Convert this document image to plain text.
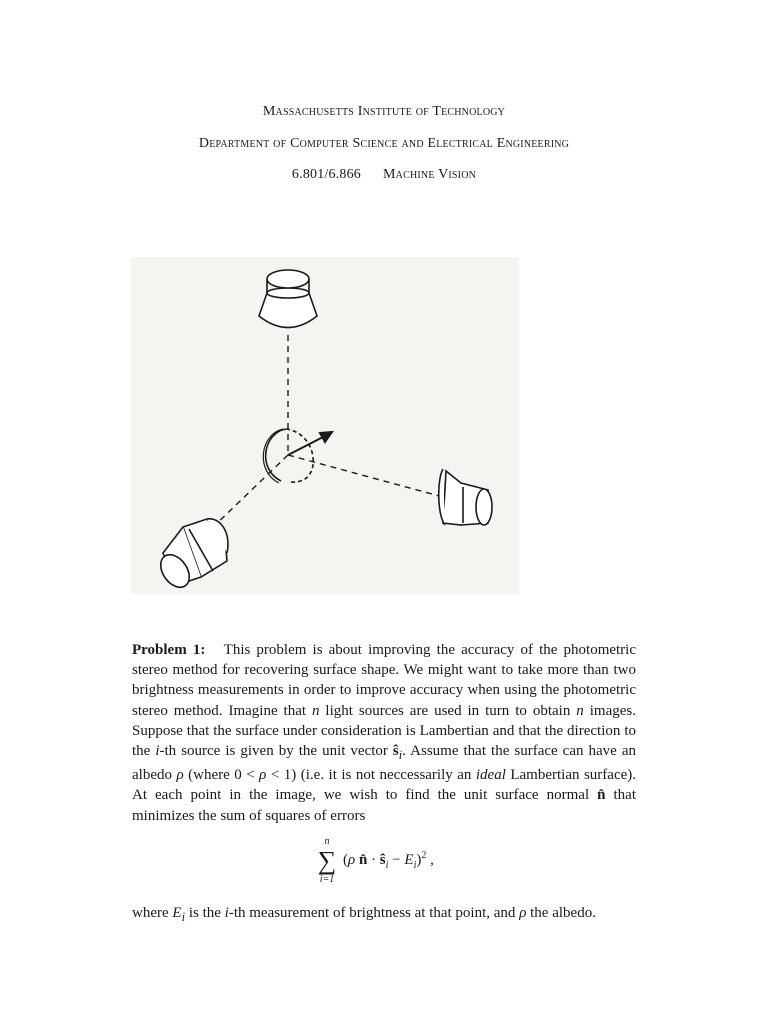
Massachusetts Institute of Technology
Department of Computer Science and Electrical Engineering
6.801/6.866 Machine Vision

Problem 1: This problem is about improving the accuracy of the photometric stereo method for recovering surface shape. We might want to take more than two brightness measurements in order to improve accuracy when using the photometric stereo method. Imagine that n light sources are used in turn to obtain n images. Suppose that the surface under consideration is Lambertian and that the direction to the i-th source is given by the unit vector $ŝ_i$. Assume that the surface can have an albedo ρ (where 0 < ρ < 1) (i.e. it is not neccessarily an ideal Lambertian surface). At each point in the image, we wish to find the unit surface normal n̂ that minimizes the sum of squares of errors

n
∑
i=1
(ρ n̂ · $ŝ_i - E_i)^2$ ,
where $E_i$ is the i-th measurement of brightness at that point, and ρ the albedo.
